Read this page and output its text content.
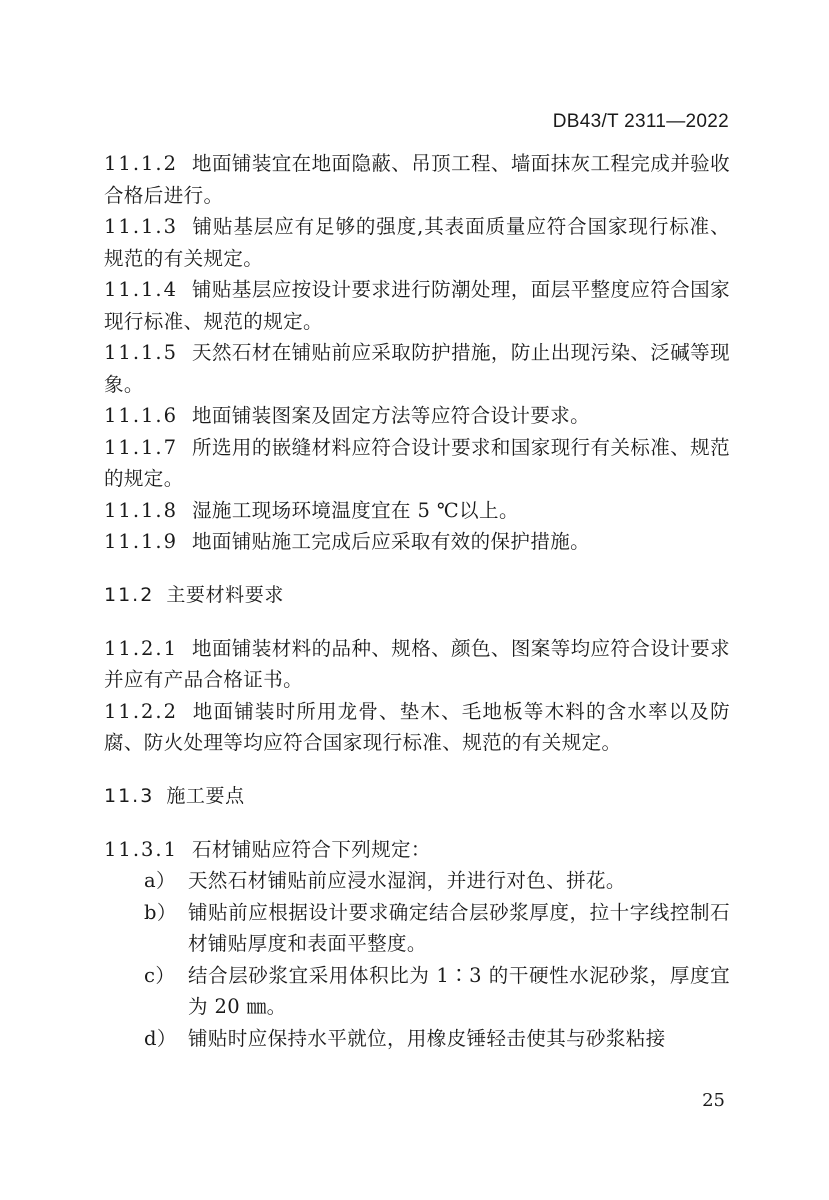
DB43/T 2311—2022

11.1.2 地面铺装宜在地面隐蔽、吊顶工程、墙面抹灰工程完成并验收合格后进行。

11.1.3 铺贴基层应有足够的强度,其表面质量应符合国家现行标准、规范的有关规定。

11.1.4 铺贴基层应按设计要求进行防潮处理，面层平整度应符合国家现行标准、规范的规定。

11.1.5 天然石材在铺贴前应采取防护措施，防止出现污染、泛碱等现象。

11.1.6 地面铺装图案及固定方法等应符合设计要求。

11.1.7 所选用的嵌缝材料应符合设计要求和国家现行有关标准、规范的规定。

11.1.8 湿施工现场环境温度宜在 5 ℃以上。

11.1.9 地面铺贴施工完成后应采取有效的保护措施。

11.2 主要材料要求

11.2.1 地面铺装材料的品种、规格、颜色、图案等均应符合设计要求并应有产品合格证书。

11.2.2 地面铺装时所用龙骨、垫木、毛地板等木料的含水率以及防腐、防火处理等均应符合国家现行标准、规范的有关规定。

11.3 施工要点

11.3.1 石材铺贴应符合下列规定：

a） 天然石材铺贴前应浸水湿润，并进行对色、拼花。
b） 铺贴前应根据设计要求确定结合层砂浆厚度，拉十字线控制石材铺贴厚度和表面平整度。
c） 结合层砂浆宜采用体积比为 1∶3 的干硬性水泥砂浆，厚度宜为 20 ㎜。
d） 铺贴时应保持水平就位，用橡皮锤轻击使其与砂浆粘接
25
